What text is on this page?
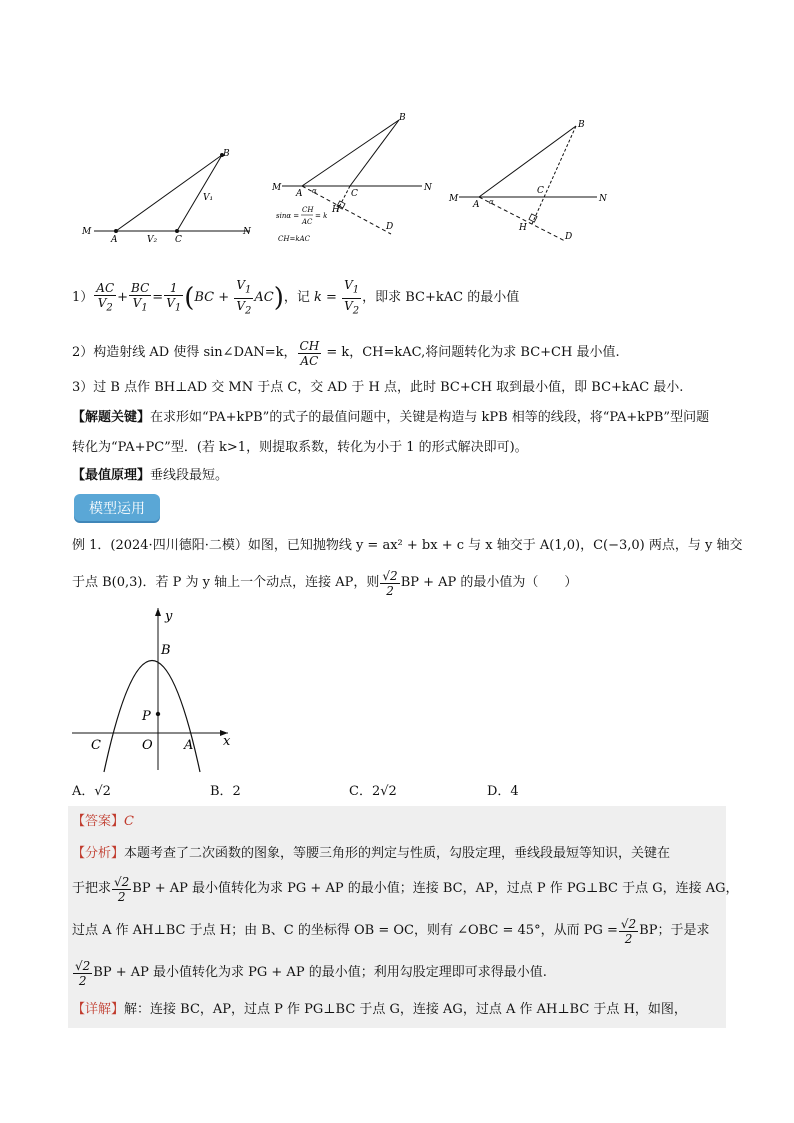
M
A	V₂ C
N
B
V₁
M
A α	C
N
B
H
D
sinα =
CH
AC
= k
CH=kAC
M
A α
C
N
B
H
D
$1) \frac{AC}{V_2} + \frac{BC}{V_1} = \frac{1}{V_1}$ ( BC + $\frac{V_1}{V_2}$ AC ) ，记 $k = \frac{V_1}{V_2}$ ，即求 BC+kAC 的最小值
2）构造射线 AD 使得 sin∠DAN=k， $\frac{CH}{AC} = k$ ，CH=kAC,将问题转化为求 BC+CH 最小值.
3）过 B 点作 BH⊥AD 交 MN 于点 C，交 AD 于 H 点，此时 BC+CH 取到最小值，即 BC+kAC 最小.
【解题关键】在求形如“PA+kPB”的式子的最值问题中，关键是构造与 kPB 相等的线段，将“PA+kPB”型问题
转化为“PA+PC”型．(若 k>1，则提取系数，转化为小于 1 的形式解决即可)。
【最值原理】垂线段最短。
模型运用
例 1．(2024·四川德阳·二模）如图，已知抛物线 y = ax² + bx + c 与 x 轴交于 A(1,0)，C(−3,0) 两点，与 y 轴交
于点 B(0,3)．若 P 为 y 轴上一个动点，连接 AP，则 $\frac{√2}{2}$ BP + AP 的最小值为（　　）
y
x
B
P
C	O A
A．√2	B．2	C．2√2	D．4
【答案】C
【分析】本题考查了二次函数的图象，等腰三角形的判定与性质，勾股定理，垂线段最短等知识，关键在
于把求 $\frac{√2}{2}$ BP + AP 最小值转化为求 PG + AP 的最小值；连接 BC，AP，过点 P 作 PG⊥BC 于点 G，连接 AG，
过点 A 作 AH⊥BC 于点 H；由 B、C 的坐标得 OB = OC，则有 ∠OBC = 45°，从而 PG = $\frac{√2}{2}$ BP；于是求
$\frac{√2}{2}$ BP + AP 最小值转化为求 PG + AP 的最小值；利用勾股定理即可求得最小值.
【详解】解：连接 BC，AP，过点 P 作 PG⊥BC 于点 G，连接 AG，过点 A 作 AH⊥BC 于点 H，如图，
